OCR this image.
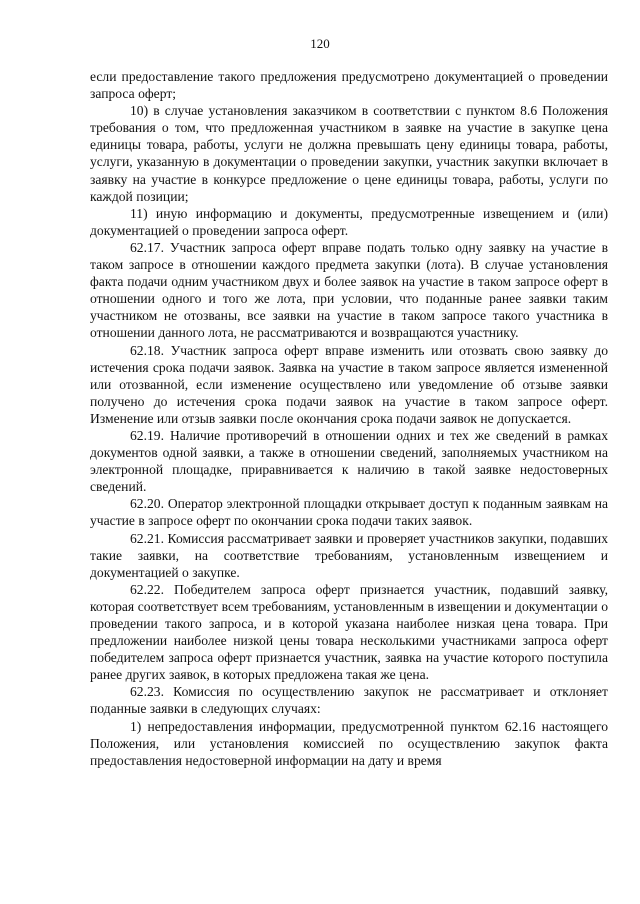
120

если предоставление такого предложения предусмотрено документацией о проведении запроса оферт;

10) в случае установления заказчиком в соответствии с пунктом 8.6 Положения требования о том, что предложенная участником в заявке на участие в закупке цена единицы товара, работы, услуги не должна превышать цену единицы товара, работы, услуги, указанную в документации о проведении закупки, участник закупки включает в заявку на участие в конкурсе предложение о цене единицы товара, работы, услуги по каждой позиции;

11) иную информацию и документы, предусмотренные извещением и (или) документацией о проведении запроса оферт.

62.17. Участник запроса оферт вправе подать только одну заявку на участие в таком запросе в отношении каждого предмета закупки (лота). В случае установления факта подачи одним участником двух и более заявок на участие в таком запросе оферт в отношении одного и того же лота, при условии, что поданные ранее заявки таким участником не отозваны, все заявки на участие в таком запросе такого участника в отношении данного лота, не рассматриваются и возвращаются участнику.

62.18. Участник запроса оферт вправе изменить или отозвать свою заявку до истечения срока подачи заявок. Заявка на участие в таком запросе является измененной или отозванной, если изменение осуществлено или уведомление об отзыве заявки получено до истечения срока подачи заявок на участие в таком запросе оферт. Изменение или отзыв заявки после окончания срока подачи заявок не допускается.

62.19. Наличие противоречий в отношении одних и тех же сведений в рамках документов одной заявки, а также в отношении сведений, заполняемых участником на электронной площадке, приравнивается к наличию в такой заявке недостоверных сведений.

62.20. Оператор электронной площадки открывает доступ к поданным заявкам на участие в запросе оферт по окончании срока подачи таких заявок.

62.21. Комиссия рассматривает заявки и проверяет участников закупки, подавших такие заявки, на соответствие требованиям, установленным извещением и документацией о закупке.

62.22. Победителем запроса оферт признается участник, подавший заявку, которая соответствует всем требованиям, установленным в извещении и документации о проведении такого запроса, и в которой указана наиболее низкая цена товара. При предложении наиболее низкой цены товара несколькими участниками запроса оферт победителем запроса оферт признается участник, заявка на участие которого поступила ранее других заявок, в которых предложена такая же цена.

62.23. Комиссия по осуществлению закупок не рассматривает и отклоняет поданные заявки в следующих случаях:

1) непредоставления информации, предусмотренной пунктом 62.16 настоящего Положения, или установления комиссией по осуществлению закупок факта предоставления недостоверной информации на дату и время
